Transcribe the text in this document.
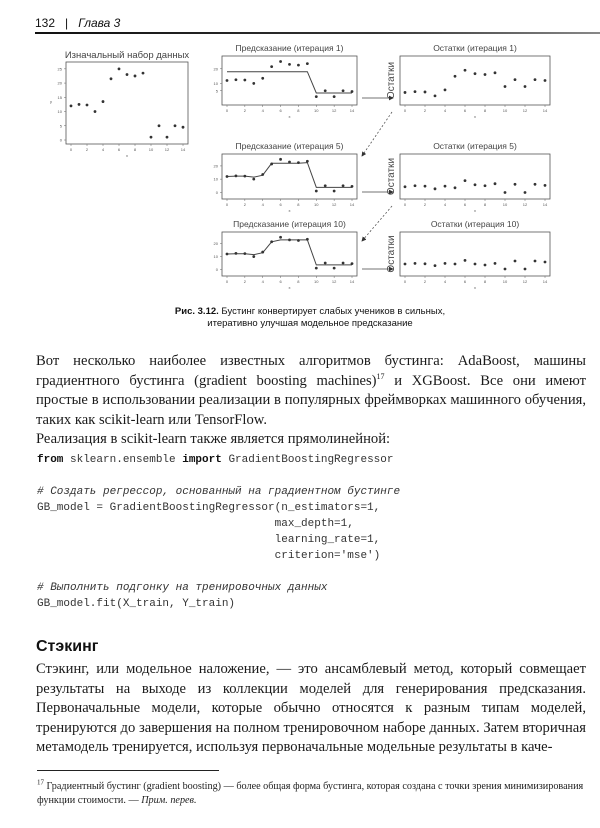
132 | Глава 3
Изначальный набор данных
0	2	4	6	8	10	12	14
x
0
5
10
15
20
25
y
Предсказание (итерация 1)
0	2	4	6	8	10	12	14
x
5
10
20
Остатки (итерация 1)
0	2	4	6	8	10	12	14
x
Остатки
Предсказание (итерация 5)
0	2	4	6	8	10	12	14
x
0
10
20
Остатки (итерация 5)
0	2	4	6	8	10	12	14
x
Остатки
Предсказание (итерация 10)
0	2	4	6	8	10	12	14
x
0
10
20
Остатки (итерация 10)
0	2	4	6	8	10	12	14
x
Остатки
Рис. 3.12. Бустинг конвертирует слабых учеников в сильных,
итеративно улучшая модельное предсказание
Вот несколько наиболее известных алгоритмов бустинга: AdaBoost, машины градиентного бустинга (gradient boosting machines)$^{17}$ и XGBoost. Все они имеют простые в использовании реализации в популярных фреймворках машинного обучения, таких как scikit-learn или TensorFlow.
Реализация в scikit-learn также является прямолинейной:
from sklearn.ensemble import GradientBoostingRegressor

# Создать регрессор, основанный на градиентном бустинге
GB_model = GradientBoostingRegressor(n_estimators=1,
max_depth=1,
learning_rate=1,
criterion='mse')

# Выполнить подгонку на тренировочных данных
GB_model.fit(X_train, Y_train)
Стэкинг
Стэкинг, или модельное наложение, — это ансамблевый метод, который совмещает результаты на выходе из коллекции моделей для генерирования предсказания. Первоначальные модели, которые обычно относятся к разным типам моделей, тренируются до завершения на полном тренировочном наборе данных. Затем вторичная метамодель тренируется, используя первоначальные модельные результаты в каче-
$^{17}$ Градиентный бустинг (gradient boosting) — более общая форма бустинга, которая создана с точки зрения минимизирования функции стоимости. — Прим. перев.
